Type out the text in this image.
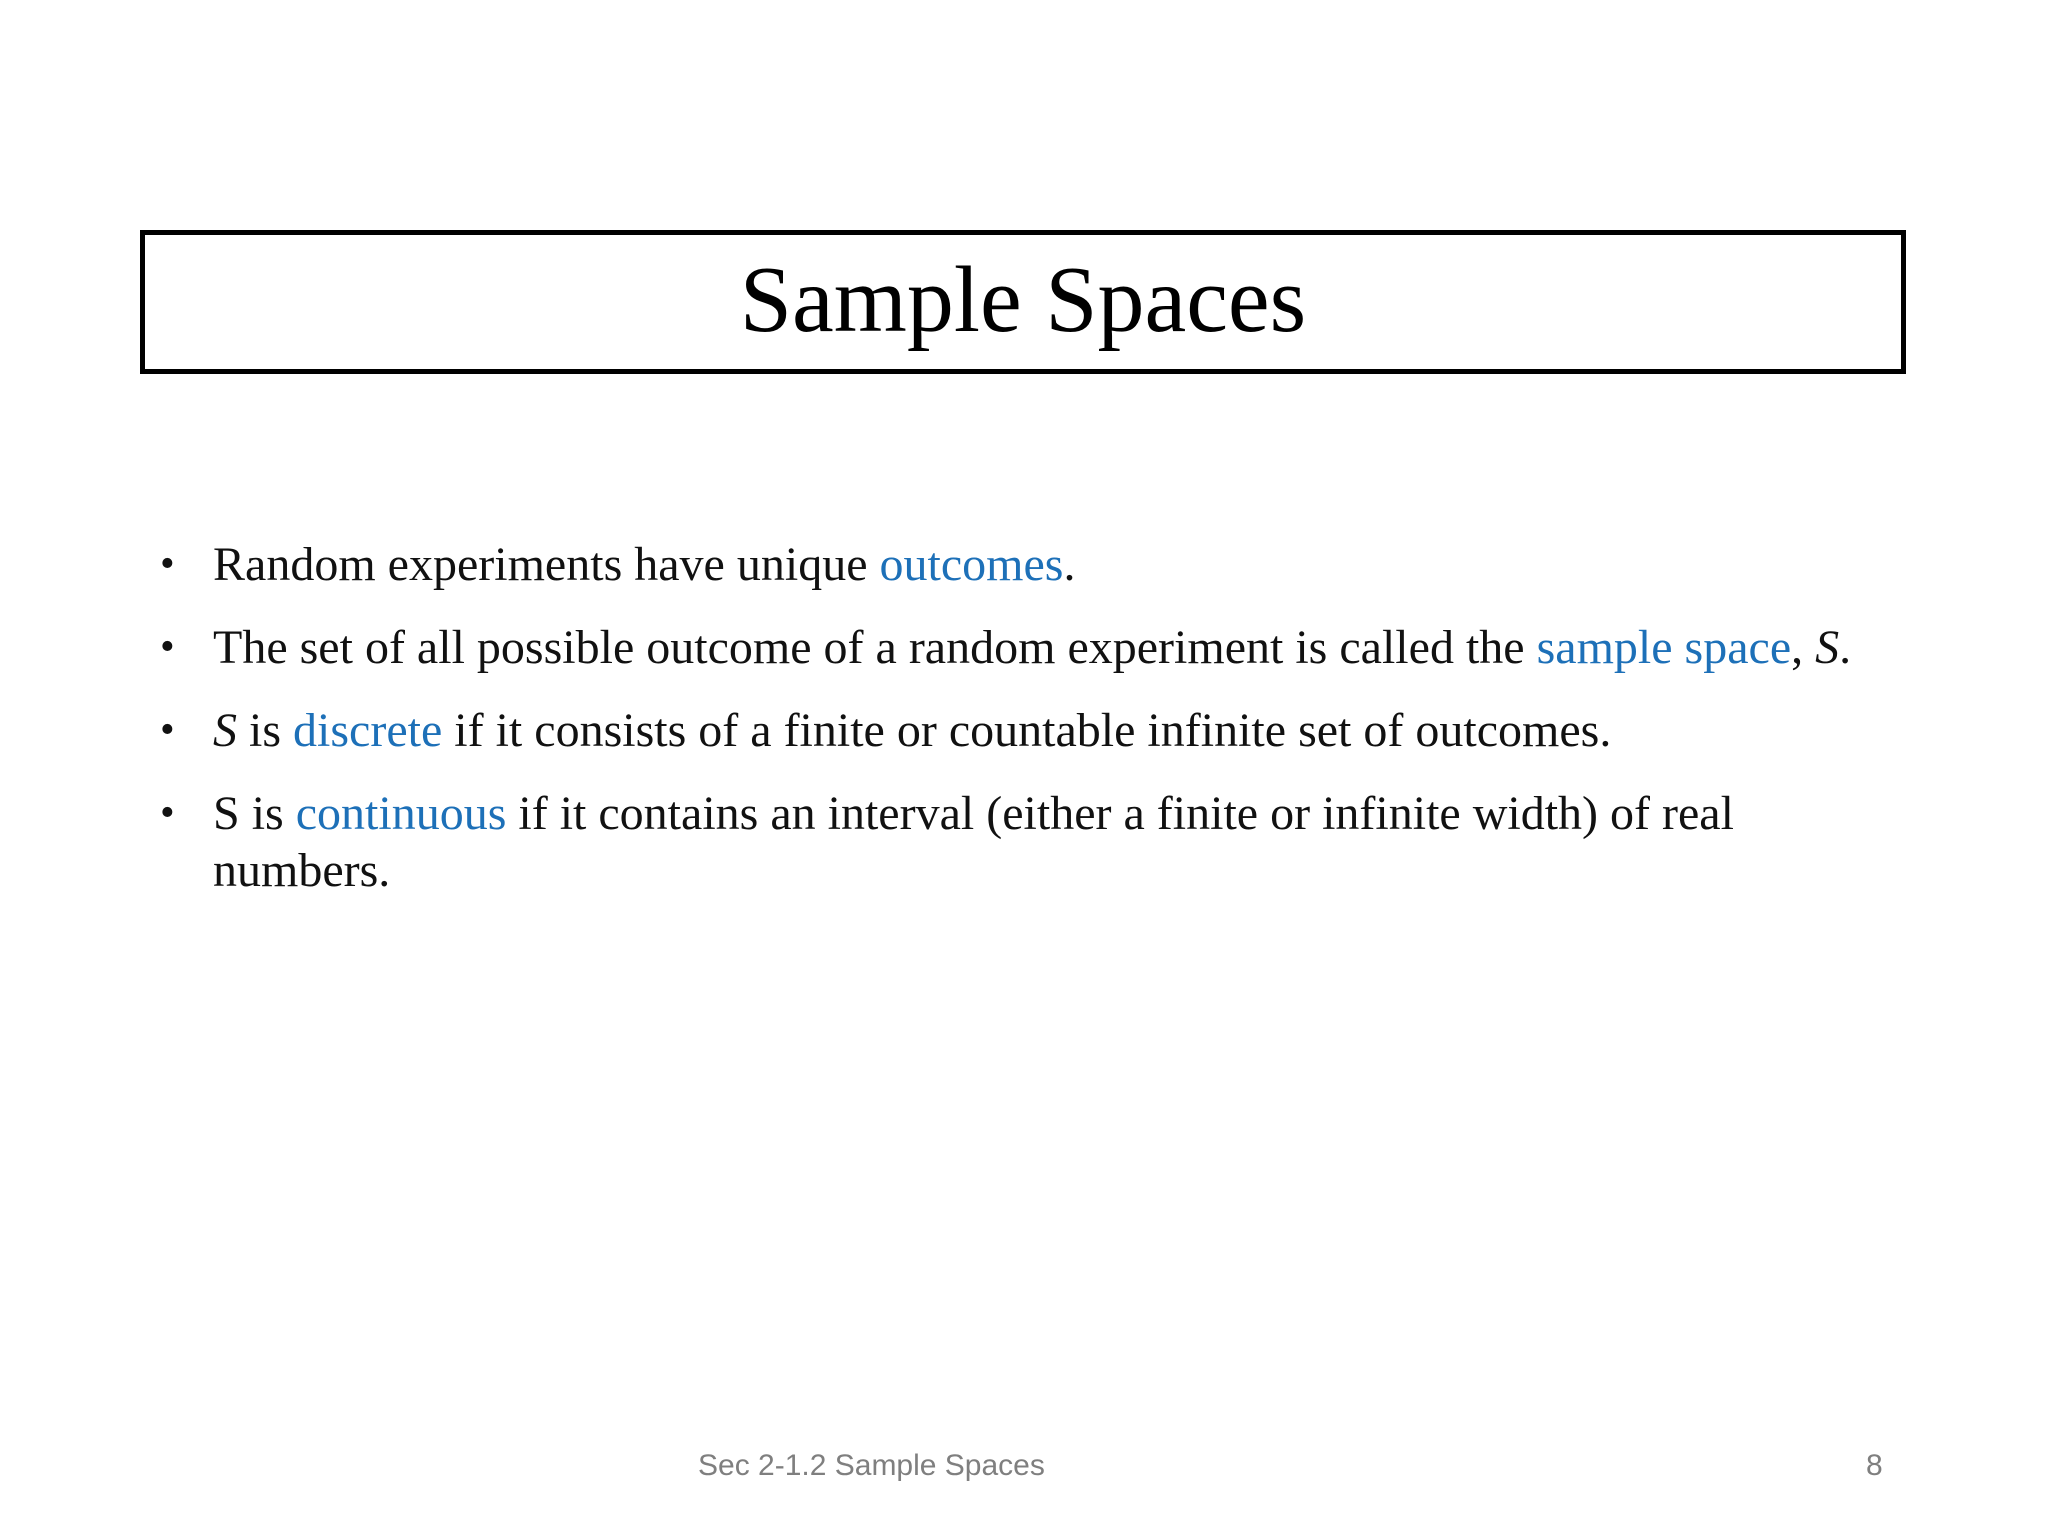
Sample Spaces
• Random experiments have unique outcomes.
• The set of all possible outcome of a random experiment is called the sample space, S.
• S is discrete if it consists of a finite or countable infinite set of outcomes.
• S is continuous if it contains an interval (either a finite or infinite width) of real numbers.
Sec 2-1.2 Sample Spaces	8
